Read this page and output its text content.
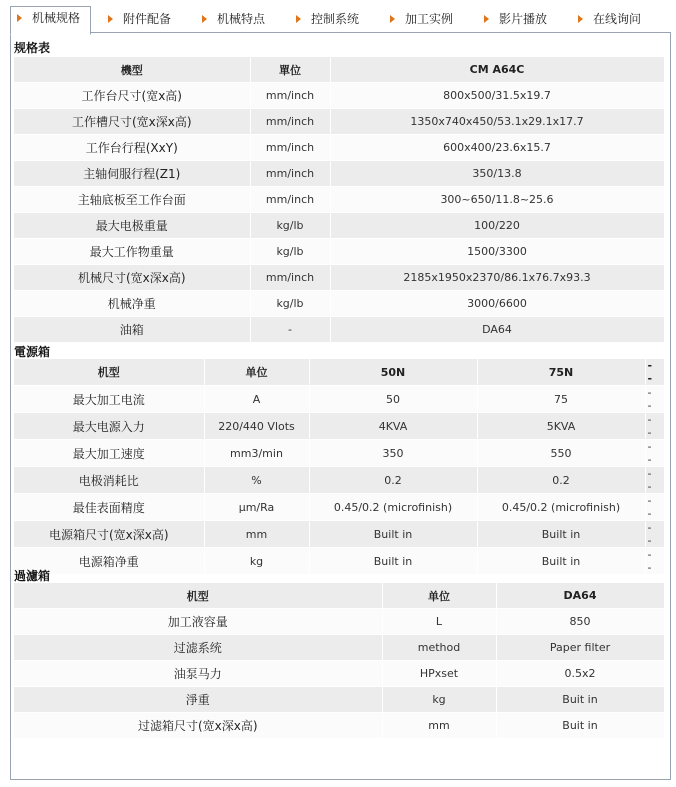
机械规格	附件配备	机械特点	控制系统	加工实例	影片播放	在线询问
规格表
機型	單位	CM A64C
工作台尺寸(宽x高)	mm/inch	800x500/31.5x19.7
工作槽尺寸(宽x深x高)	mm/inch	1350x740x450/53.1x29.1x17.7
工作台行程(XxY)	mm/inch	600x400/23.6x15.7
主轴伺服行程(Z1)	mm/inch	350/13.8
主轴底板至工作台面	mm/inch	300~650/11.8~25.6
最大电极重量	kg/lb	100/220
最大工作物重量	kg/lb	1500/3300
机械尺寸(宽x深x高)	mm/inch	2185x1950x2370/86.1x76.7x93.3
机械净重	kg/lb	3000/6600
油箱	-	DA64
電源箱
机型	单位	50N	75N	- -
最大加工电流	A	50	75	- -
最大电源入力	220/440 Vlots	4KVA	5KVA	- -
最大加工速度	mm3/min	350	550	- -
电极消耗比	%	0.2	0.2	- -
最佳表面精度	μm/Ra	0.45/0.2 (microfinish)	0.45/0.2 (microfinish)	- -
电源箱尺寸(宽x深x高)	mm	Built in	Built in	- -
电源箱净重	kg	Built in	Built in	- -
過濾箱
机型	单位	DA64
加工液容量	L	850
过滤系统	method	Paper filter
油泵马力	HPxset	0.5x2
淨重	kg	Buit in
过滤箱尺寸(宽x深x高)	mm	Buit in
